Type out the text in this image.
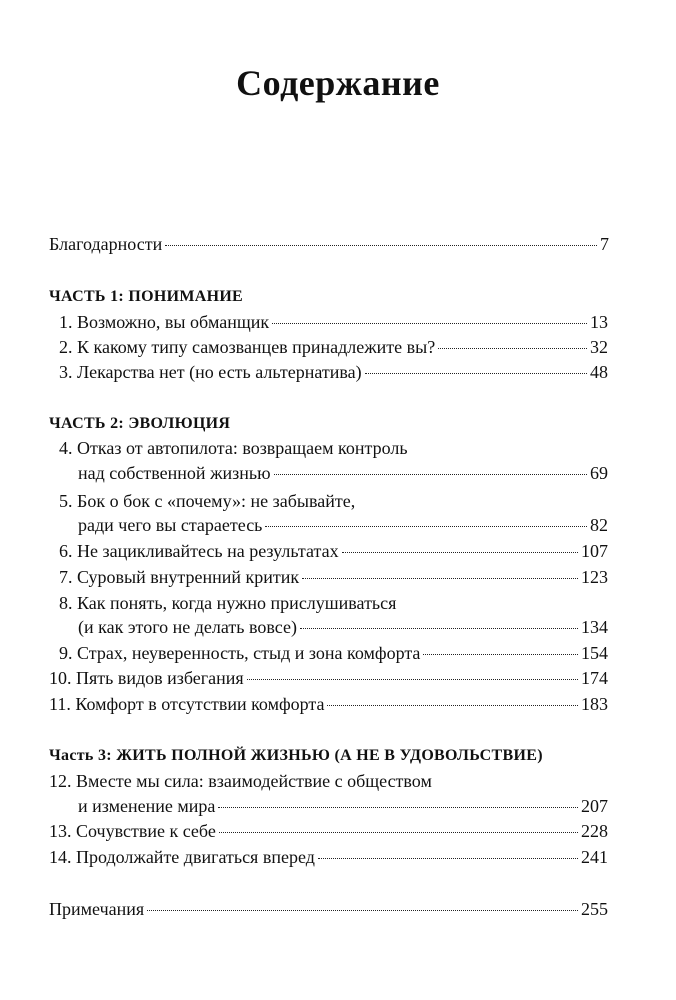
Содержание
Благодарности	7
ЧАСТЬ 1: ПОНИМАНИЕ
1. Возможно, вы обманщик	13
2. К какому типу самозванцев принадлежите вы?	32
3. Лекарства нет (но есть альтернатива)	48
ЧАСТЬ 2: ЭВОЛЮЦИЯ
4. Отказ от автопилота: возвращаем контроль
над собственной жизнью	69
5. Бок о бок с «почему»: не забывайте,
ради чего вы стараетесь	82
6. Не зацикливайтесь на результатах	107
7. Суровый внутренний критик	123
8. Как понять, когда нужно прислушиваться
(и как этого не делать вовсе)	134
9. Страх, неуверенность, стыд и зона комфорта	154
10. Пять видов избегания	174
11. Комфорт в отсутствии комфорта	183
Часть 3: ЖИТЬ ПОЛНОЙ ЖИЗНЬЮ (А НЕ В УДОВОЛЬСТВИЕ)
12. Вместе мы сила: взаимодействие с обществом
и изменение мира	207
13. Сочувствие к себе	228
14. Продолжайте двигаться вперед	241
Примечания	255
